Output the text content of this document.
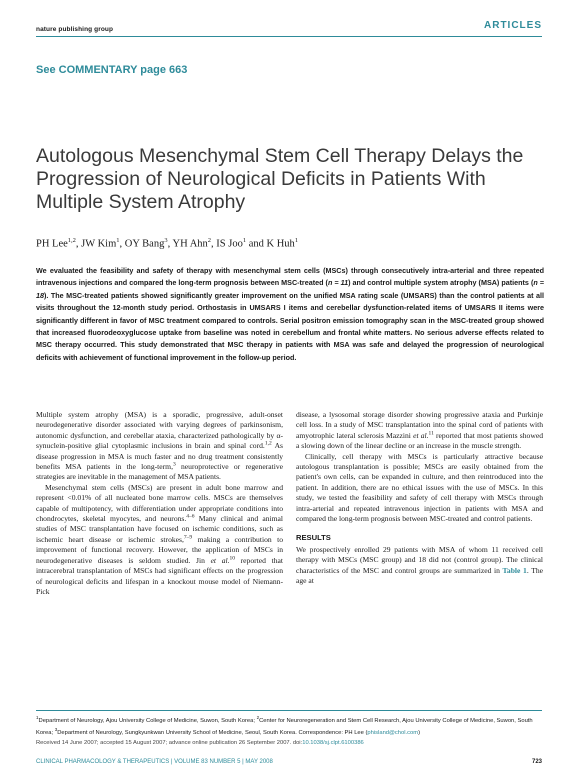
nature publishing group	ARTICLES
See COMMENTARY page 663
Autologous Mesenchymal Stem Cell Therapy Delays the Progression of Neurological Deficits in Patients With Multiple System Atrophy
PH Lee$^{1,2}$, JW Kim$^1$, OY Bang$^3$, YH Ahn$^2$, IS Joo$^1$ and K Huh$^1$

We evaluated the feasibility and safety of therapy with mesenchymal stem cells (MSCs) through consecutively intra-arterial and three repeated intravenous injections and compared the long-term prognosis between MSC-treated (n = 11) and control multiple system atrophy (MSA) patients (n = 18). The MSC-treated patients showed significantly greater improvement on the unified MSA rating scale (UMSARS) than the control patients at all visits throughout the 12-month study period. Orthostasis in UMSARS I items and cerebellar dysfunction-related items of UMSARS II items were significantly different in favor of MSC treatment compared to controls. Serial positron emission tomography scan in the MSC-treated group showed that increased fluorodeoxyglucose uptake from baseline was noted in cerebellum and frontal white matters. No serious adverse effects related to MSC therapy occurred. This study demonstrated that MSC therapy in patients with MSA was safe and delayed the progression of neurological deficits with achievement of functional improvement in the follow-up period.

Multiple system atrophy (MSA) is a sporadic, progressive, adult-onset neurodegenerative disorder associated with varying degrees of parkinsonism, autonomic dysfunction, and cerebellar ataxia, characterized pathologically by α-synuclein-positive glial cytoplasmic inclusions in brain and spinal cord.$^{1,2}$ As disease progression in MSA is much faster and no drug treatment consistently benefits MSA patients in the long-term,$^3$ neuroprotective or regenerative strategies are inevitable in the management of MSA patients.

Mesenchymal stem cells (MSCs) are present in adult bone marrow and represent <0.01% of all nucleated bone marrow cells. MSCs are themselves capable of multipotency, with differentiation under appropriate conditions into chondrocytes, skeletal myocytes, and neurons.$^{4-6}$ Many clinical and animal studies of MSC transplantation have focused on ischemic conditions, such as ischemic heart disease or ischemic strokes,$^{7-9}$ making a contribution to improvement of functional recovery. However, the application of MSCs in neurodegenerative diseases is seldom studied. Jin et al.$^{10}$ reported that intracerebral transplantation of MSCs had significant effects on the progression of neurological deficits and lifespan in a knockout mouse model of Niemann-Pick

disease, a lysosomal storage disorder showing progressive ataxia and Purkinje cell loss. In a study of MSC transplantation into the spinal cord of patients with amyotrophic lateral sclerosis Mazzini et al.$^{11}$ reported that most patients showed a slowing down of the linear decline or an increase in the muscle strength.

Clinically, cell therapy with MSCs is particularly attractive because autologous transplantation is possible; MSCs are easily obtained from the patient's own cells, can be expanded in culture, and then reintroduced into the patient. In addition, there are no ethical issues with the use of MSCs. In this study, we tested the feasibility and safety of cell therapy with MSCs through intra-arterial and repeated intravenous injection in patients with MSA and compared the long-term prognosis between MSC-treated and control patients.

RESULTS

We prospectively enrolled 29 patients with MSA of whom 11 received cell therapy with MSCs (MSC group) and 18 did not (control group). The clinical characteristics of the MSC and control groups are summarized in Table 1. The age at

$^1$Department of Neurology, Ajou University College of Medicine, Suwon, South Korea; $^2$Center for Neuroregeneration and Stem Cell Research, Ajou University College of Medicine, Suwon, South Korea; $^3$Department of Neurology, Sungkyunkwan University School of Medicine, Seoul, South Korea. Correspondence: PH Lee (phisland@chol.com)
Received 14 June 2007; accepted 15 August 2007; advance online publication 26 September 2007. doi:10.1038/sj.clpt.6100386
CLINICAL PHARMACOLOGY & THERAPEUTICS | VOLUME 83 NUMBER 5 | MAY 2008	723
